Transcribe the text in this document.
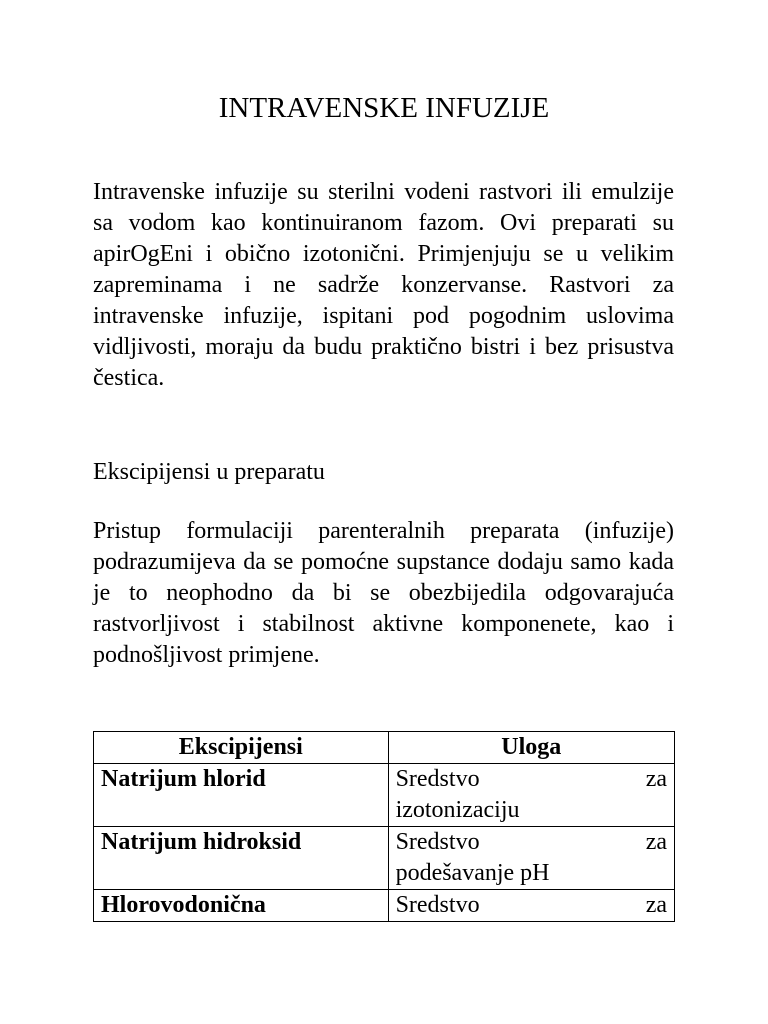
INTRAVENSKE INFUZIJE

Intravenske infuzije su sterilni vodeni rastvori ili emulzije sa vodom kao kontinuiranom fazom. Ovi preparati su apirOgEni i obično izotonični. Primjenjuju se u velikim zapreminama i ne sadrže konzervanse. Rastvori za intravenske infuzije, ispitani pod pogodnim uslovima vidljivosti, moraju da budu praktično bistri i bez prisustva čestica.

Ekscipijensi u preparatu

Pristup formulaciji parenteralnih preparata (infuzije) podrazumijeva da se pomoćne supstance dodaju samo kada je to neophodno da bi se obezbijedila odgovarajuća rastvorljivost i stabilnost aktivne komponenete, kao i podnošljivost primjene.

Ekscipijensi	Uloga
Natrijum hlorid	Sredstvo za
izotonizaciju

Natrijum hidroksid	Sredstvo za
podešavanje pH

Hlorovodonična	Sredstvo za
